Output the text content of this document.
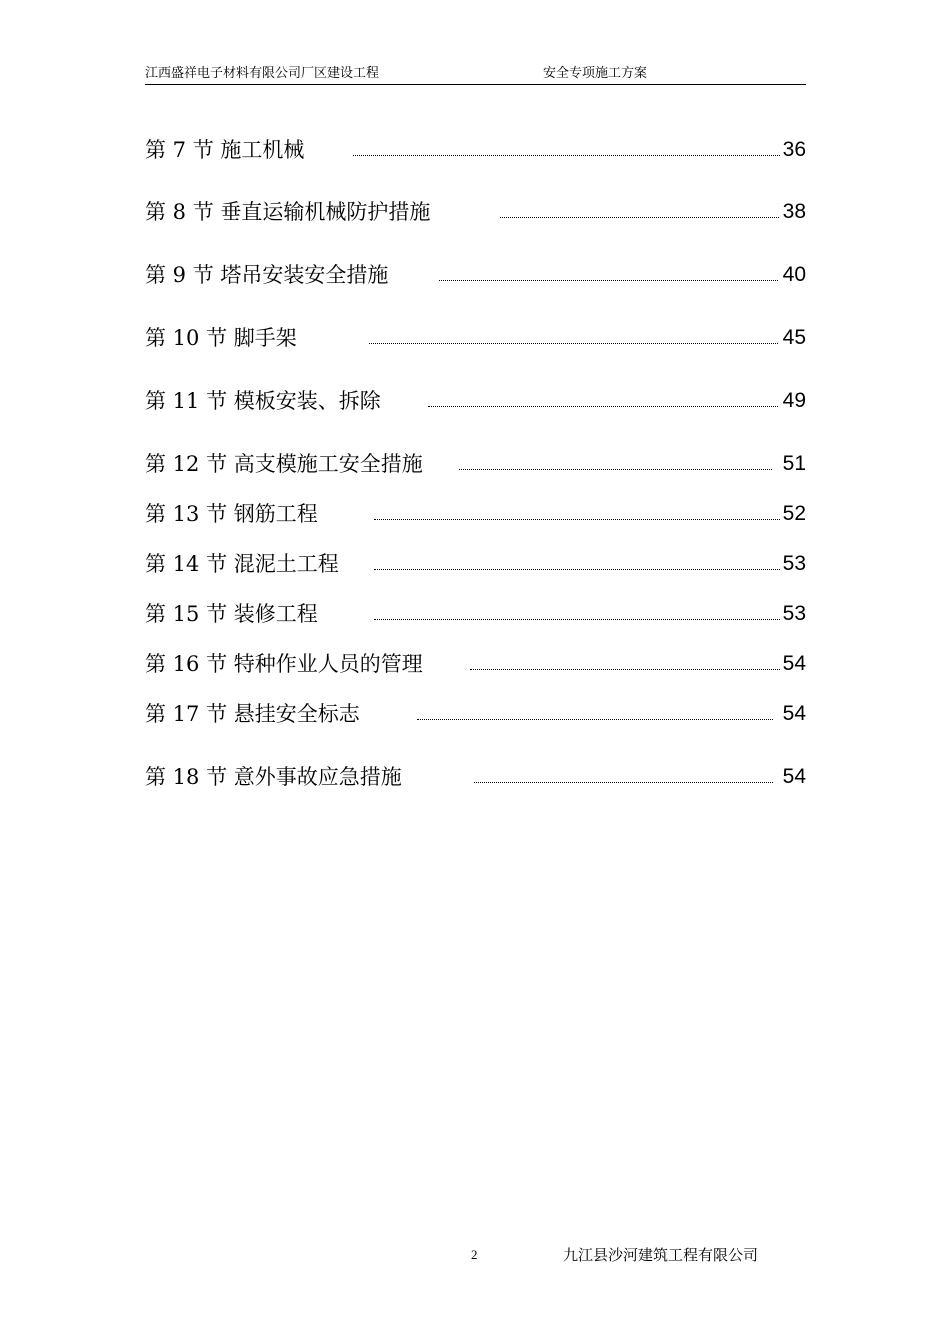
江西盛祥电子材料有限公司厂区建设工程	安全专项施工方案
第 7 节 施工机械	36
第 8 节 垂直运输机械防护措施	38
第 9 节 塔吊安装安全措施	40
第 10 节 脚手架	45
第 11 节 模板安装、拆除	49
第 12 节 高支模施工安全措施	51
第 13 节 钢筋工程	52
第 14 节 混泥土工程	53
第 15 节 装修工程	53
第 16 节 特种作业人员的管理	54
第 17 节 悬挂安全标志	54
第 18 节 意外事故应急措施	54
2	九江县沙河建筑工程有限公司
